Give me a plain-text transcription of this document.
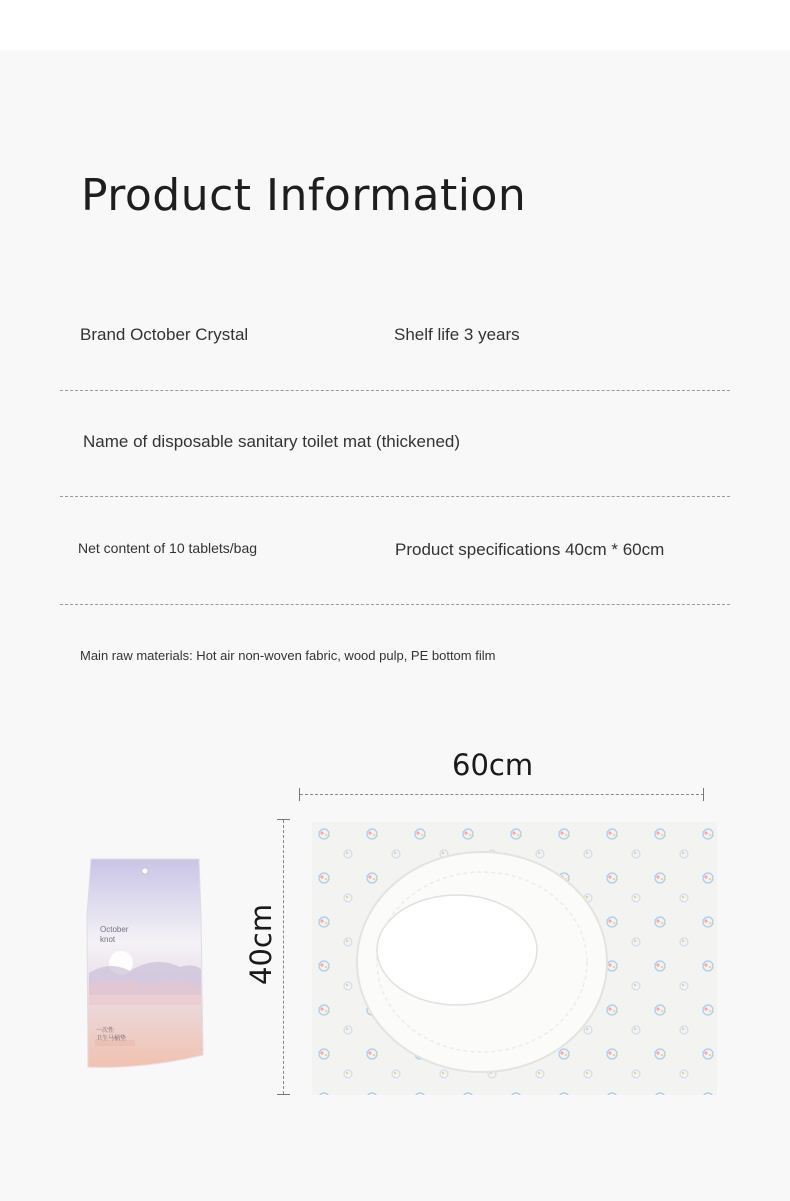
Product Information
Brand October Crystal	Shelf life 3 years
Name of disposable sanitary toilet mat (thickened)
Net content of 10 tablets/bag	Product specifications 40cm * 60cm
Main raw materials: Hot air non-woven fabric, wood pulp, PE bottom film
60cm
40cm
October
knot
一次性
卫生马桶垫
